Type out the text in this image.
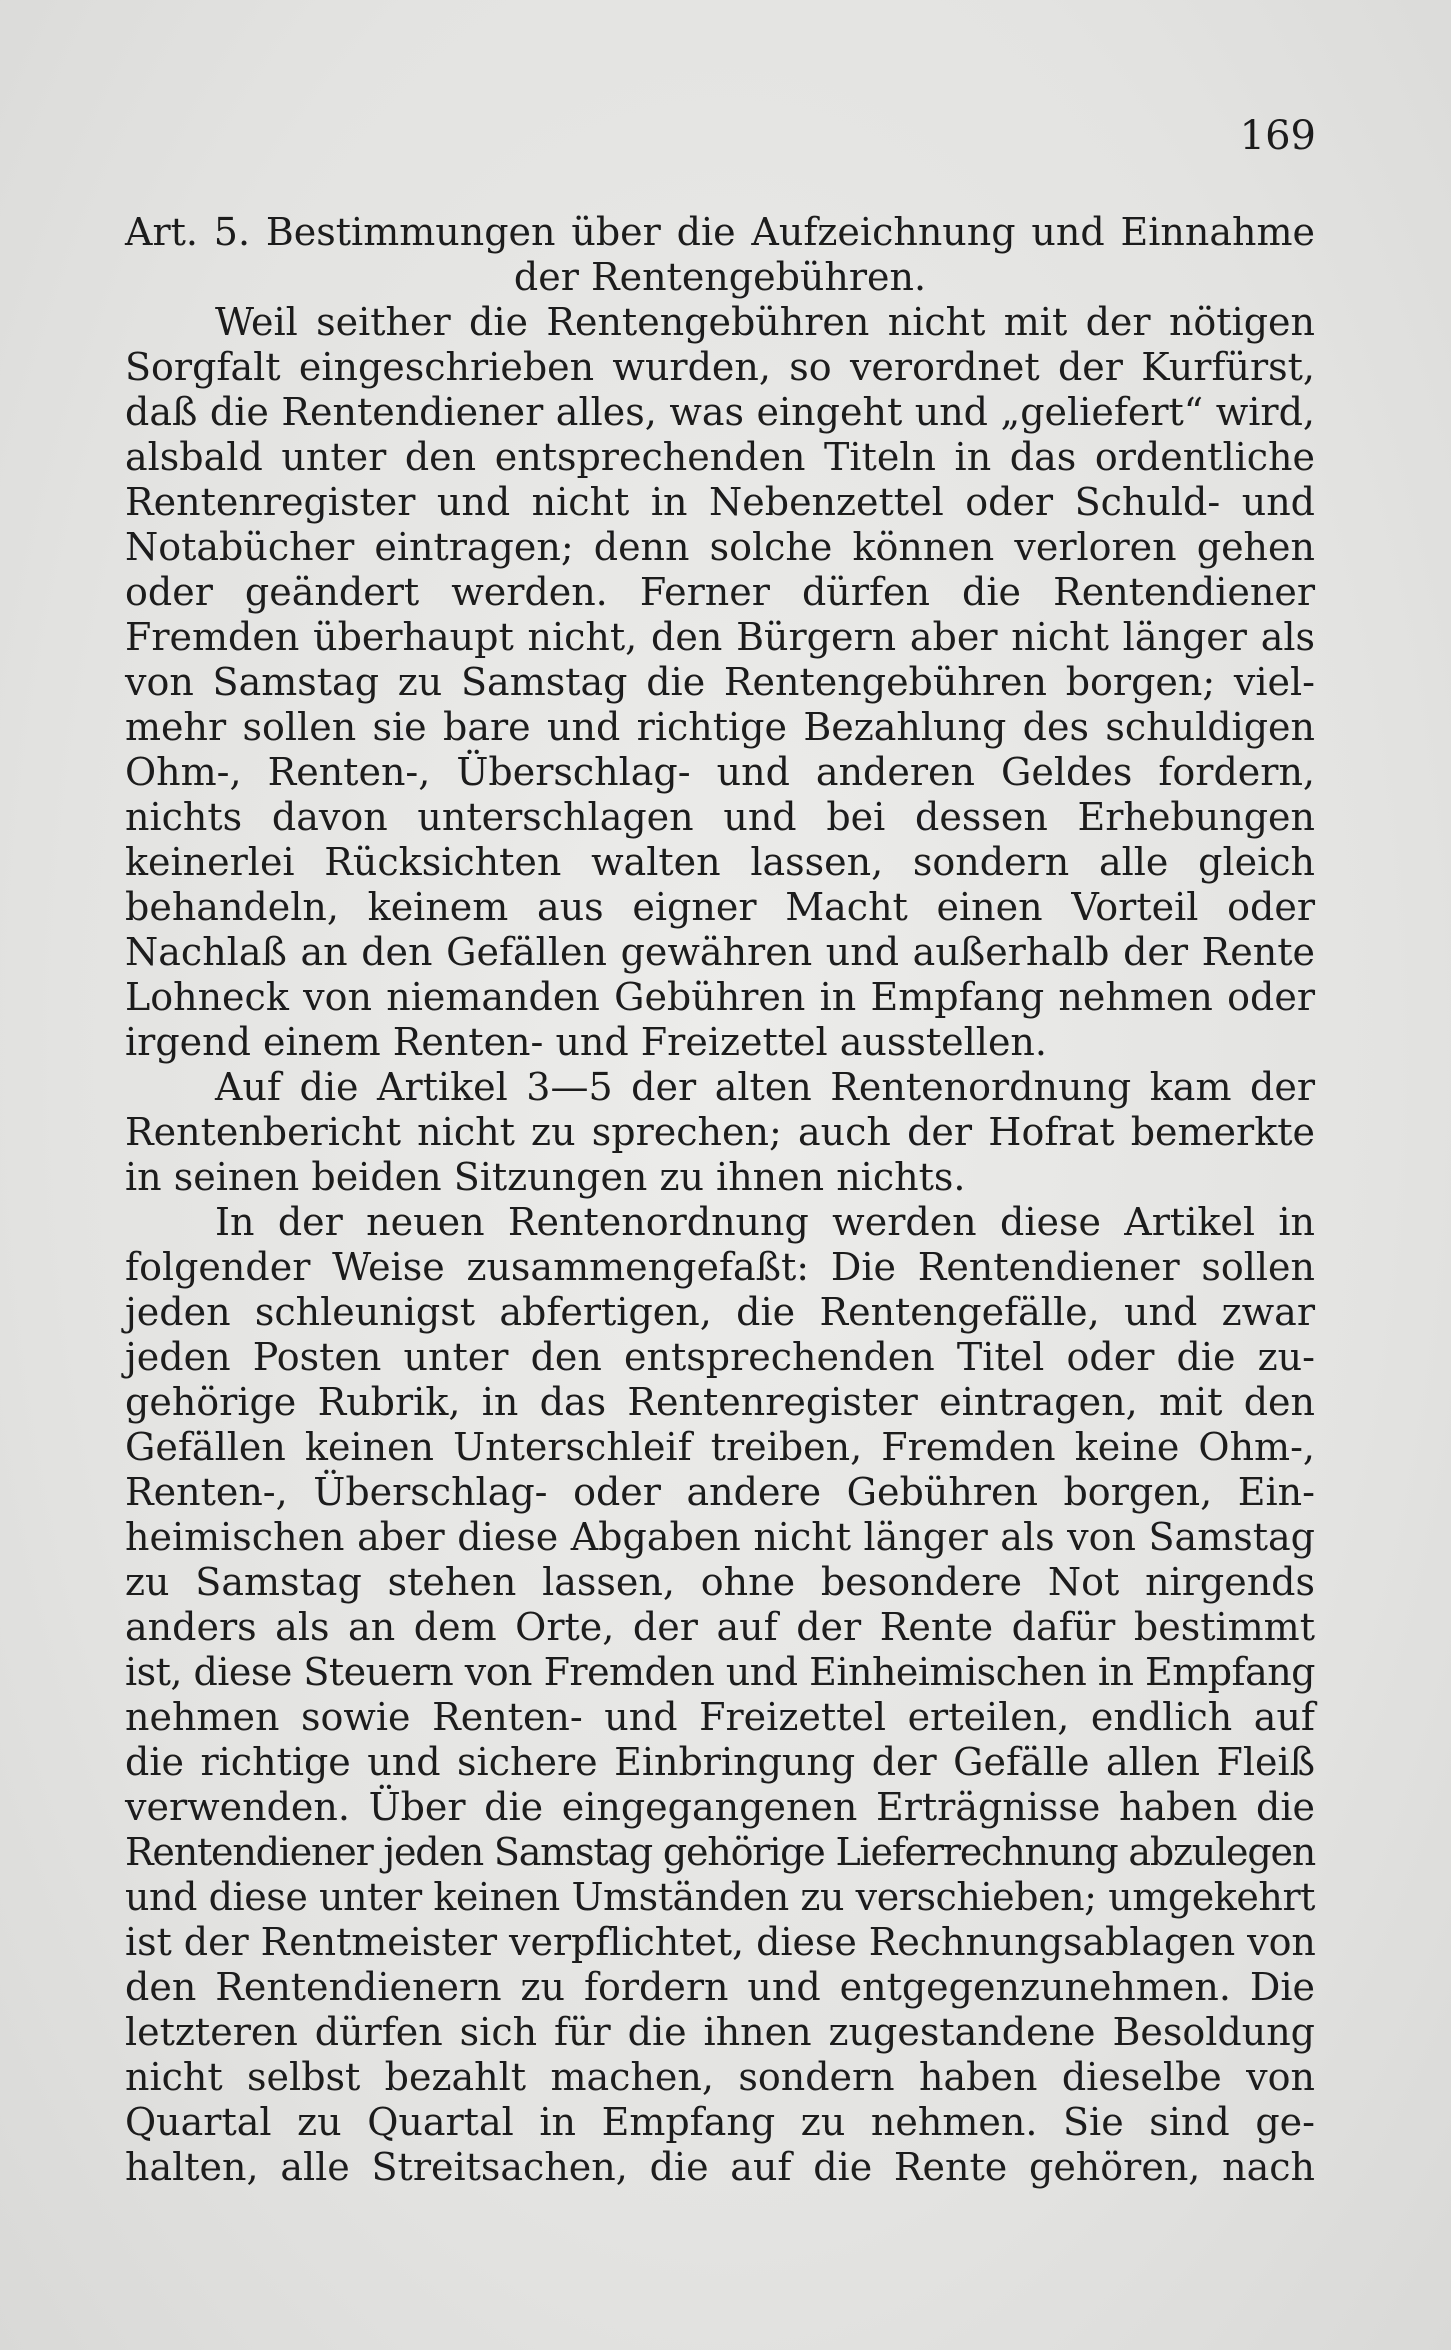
169
Art. 5. Bestimmungen über die Aufzeichnung und Einnahme
der Rentengebühren.
Weil seither die Rentengebühren nicht mit der nötigen
Sorgfalt eingeschrieben wurden, so verordnet der Kurfürst,
daß die Rentendiener alles, was eingeht und „geliefert“ wird,
alsbald unter den entsprechenden Titeln in das ordentliche
Rentenregister und nicht in Nebenzettel oder Schuld- und
Notabücher eintragen; denn solche können verloren gehen
oder geändert werden. Ferner dürfen die Rentendiener
Fremden überhaupt nicht, den Bürgern aber nicht länger als
von Samstag zu Samstag die Rentengebühren borgen; viel-
mehr sollen sie bare und richtige Bezahlung des schuldigen
Ohm-, Renten-, Überschlag- und anderen Geldes fordern,
nichts davon unterschlagen und bei dessen Erhebungen
keinerlei Rücksichten walten lassen, sondern alle gleich
behandeln, keinem aus eigner Macht einen Vorteil oder
Nachlaß an den Gefällen gewähren und außerhalb der Rente
Lohneck von niemanden Gebühren in Empfang nehmen oder
irgend einem Renten- und Freizettel ausstellen.
Auf die Artikel 3—5 der alten Rentenordnung kam der
Rentenbericht nicht zu sprechen; auch der Hofrat bemerkte
in seinen beiden Sitzungen zu ihnen nichts.
In der neuen Rentenordnung werden diese Artikel in
folgender Weise zusammengefaßt: Die Rentendiener sollen
jeden schleunigst abfertigen, die Rentengefälle, und zwar
jeden Posten unter den entsprechenden Titel oder die zu-
gehörige Rubrik, in das Rentenregister eintragen, mit den
Gefällen keinen Unterschleif treiben, Fremden keine Ohm-,
Renten-, Überschlag- oder andere Gebühren borgen, Ein-
heimischen aber diese Abgaben nicht länger als von Samstag
zu Samstag stehen lassen, ohne besondere Not nirgends
anders als an dem Orte, der auf der Rente dafür bestimmt
ist, diese Steuern von Fremden und Einheimischen in Empfang
nehmen sowie Renten- und Freizettel erteilen, endlich auf
die richtige und sichere Einbringung der Gefälle allen Fleiß
verwenden. Über die eingegangenen Erträgnisse haben die
Rentendiener jeden Samstag gehörige Lieferrechnung abzulegen
und diese unter keinen Umständen zu verschieben; umgekehrt
ist der Rentmeister verpflichtet, diese Rechnungsablagen von
den Rentendienern zu fordern und entgegenzunehmen. Die
letzteren dürfen sich für die ihnen zugestandene Besoldung
nicht selbst bezahlt machen, sondern haben dieselbe von
Quartal zu Quartal in Empfang zu nehmen. Sie sind ge-
halten, alle Streitsachen, die auf die Rente gehören, nach
